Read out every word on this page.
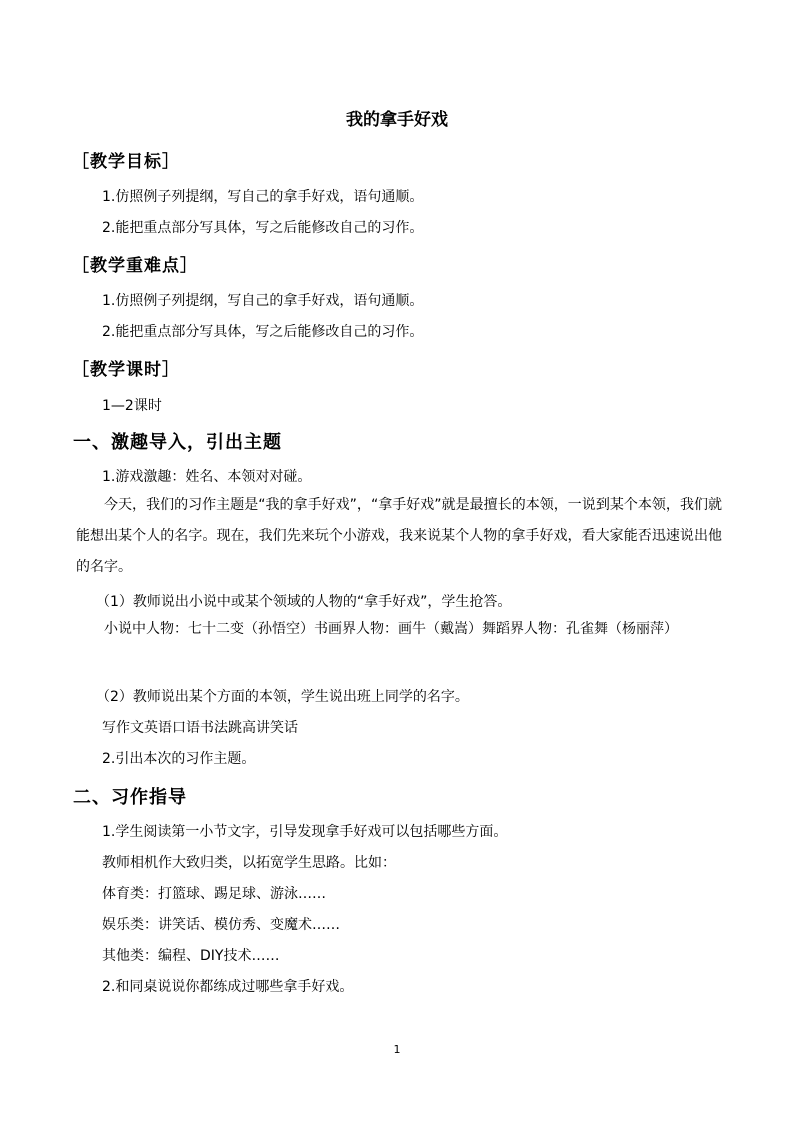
我的拿手好戏
［教学目标］
1.仿照例子列提纲，写自己的拿手好戏，语句通顺。
2.能把重点部分写具体，写之后能修改自己的习作。
［教学重难点］
1.仿照例子列提纲，写自己的拿手好戏，语句通顺。
2.能把重点部分写具体，写之后能修改自己的习作。
［教学课时］
1—2课时
一、激趣导入，引出主题
1.游戏激趣：姓名、本领对对碰。
今天，我们的习作主题是“我的拿手好戏”，“拿手好戏”就是最擅长的本领，一说到某个本领，我们就能想出某个人的名字。现在，我们先来玩个小游戏，我来说某个人物的拿手好戏，看大家能否迅速说出他的名字。
（1）教师说出小说中或某个领域的人物的“拿手好戏”，学生抢答。
小说中人物：七十二变（孙悟空）书画界人物：画牛（戴嵩）舞蹈界人物：孔雀舞（杨丽萍）
（2）教师说出某个方面的本领，学生说出班上同学的名字。
写作文英语口语书法跳高讲笑话
2.引出本次的习作主题。
二、习作指导
1.学生阅读第一小节文字，引导发现拿手好戏可以包括哪些方面。
教师相机作大致归类，以拓宽学生思路。比如：
体育类：打篮球、踢足球、游泳……
娱乐类：讲笑话、模仿秀、变魔术……
其他类：编程、DIY技术……
2.和同桌说说你都练成过哪些拿手好戏。
1
